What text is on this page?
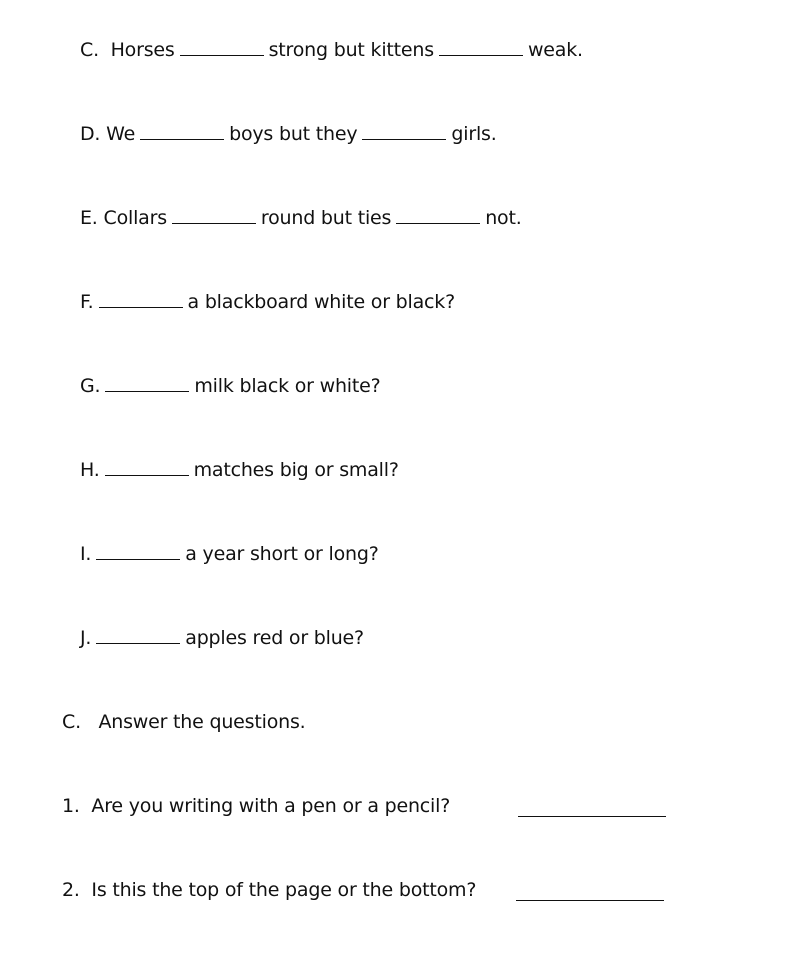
C. Horses	strong but kittens	weak.
D. We	boys but they	girls.
E. Collars	round but ties	not.
F.	a blackboard white or black?
G.	milk black or white?
H.	matches big or small?
I.	a year short or long?
J.	apples red or blue?
C. Answer the questions.
1. Are you writing with a pen or a pencil?
2. Is this the top of the page or the bottom?
